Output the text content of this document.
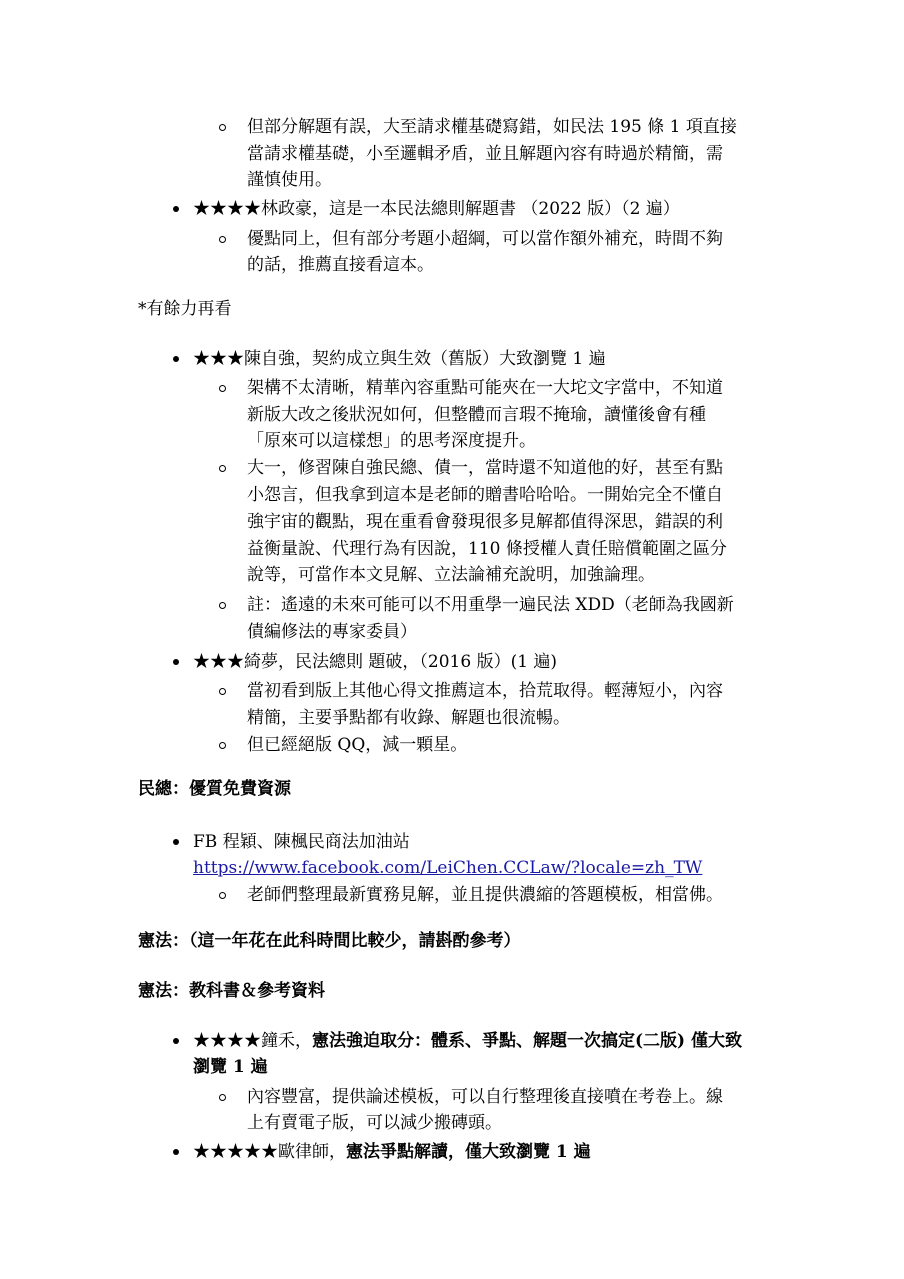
但部分解題有誤，大至請求權基礎寫錯，如民法 195 條 1 項直接
當請求權基礎，小至邏輯矛盾，並且解題內容有時過於精簡，需
謹慎使用。
★★★★林政豪，這是一本民法總則解題書 （2022 版）（2 遍）
優點同上，但有部分考題小超綱，可以當作額外補充，時間不夠
的話，推薦直接看這本。
*有餘力再看
★★★陳自強，契約成立與生效（舊版）大致瀏覽 1 遍
架構不太清晰，精華內容重點可能夾在一大坨文字當中，不知道
新版大改之後狀況如何，但整體而言瑕不掩瑜，讀懂後會有種
「原來可以這樣想」的思考深度提升。
大一，修習陳自強民總、債一，當時還不知道他的好，甚至有點
小怨言，但我拿到這本是老師的贈書哈哈哈。一開始完全不懂自
強宇宙的觀點，現在重看會發現很多見解都值得深思，錯誤的利
益衡量說、代理行為有因說，110 條授權人責任賠償範圍之區分
說等，可當作本文見解、立法論補充說明，加強論理。
註：遙遠的未來可能可以不用重學一遍民法 XDD（老師為我國新
債編修法的專家委員）
★★★綺夢，民法總則 題破，（2016 版）(1 遍)
當初看到版上其他心得文推薦這本，拾荒取得。輕薄短小，內容
精簡，主要爭點都有收錄、解題也很流暢。
但已經絕版 QQ，減一顆星。
民總：優質免費資源
FB 程穎、陳楓民商法加油站
https://www.facebook.com/LeiChen.CCLaw/?locale=zh_TW
老師們整理最新實務見解，並且提供濃縮的答題模板，相當佛。
憲法：（這一年花在此科時間比較少，請斟酌參考）
憲法：教科書＆參考資料
★★★★鐘禾，憲法強迫取分：體系、爭點、解題一次搞定(二版) 僅大致
瀏覽 1 遍
內容豐富，提供論述模板，可以自行整理後直接噴在考卷上。線
上有賣電子版，可以減少搬磚頭。
★★★★★歐律師，憲法爭點解讀，僅大致瀏覽 1 遍
